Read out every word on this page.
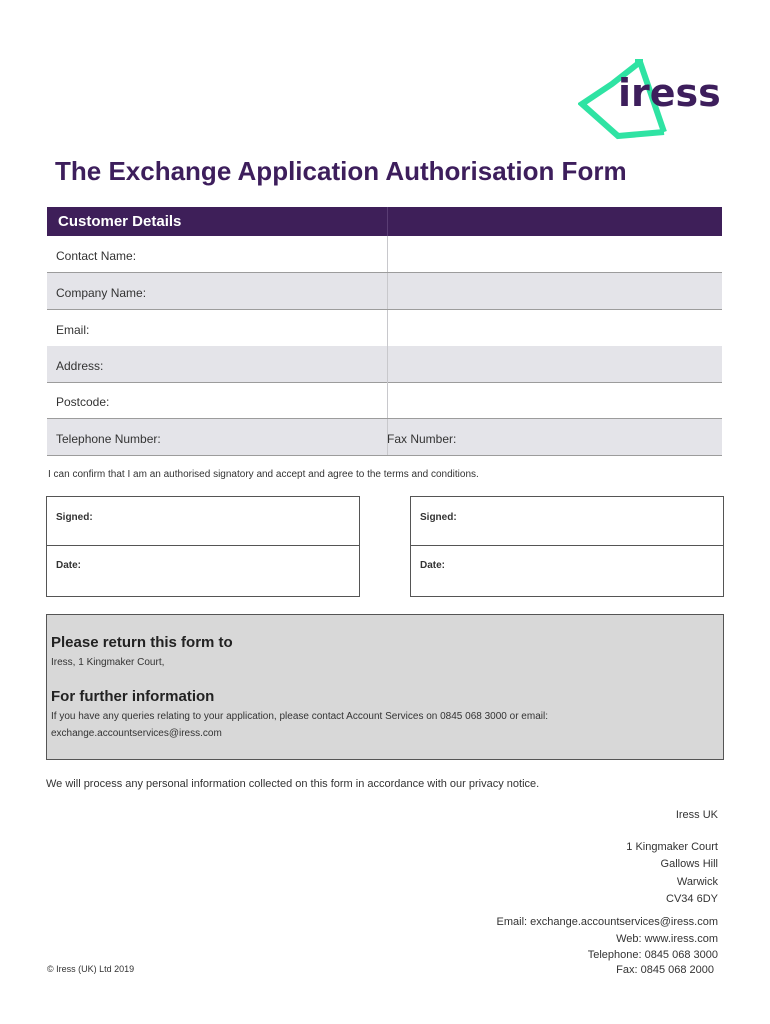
iress
The Exchange Application Authorisation Form
Customer Details
Contact Name:
Company Name:
Email:
Address:
Postcode:
Telephone Number:	Fax Number:
I can confirm that I am an authorised signatory and accept and agree to the terms and conditions.
Signed:
Date:
Signed:
Date:
Please return this form to
Iress, 1 Kingmaker Court,
For further information
If you have any queries relating to your application, please contact Account Services on 0845 068 3000 or email:
exchange.accountservices@iress.com
We will process any personal information collected on this form in accordance with our privacy notice.
Iress UK
1 Kingmaker Court
Gallows Hill
Warwick
CV34 6DY
Email: exchange.accountservices@iress.com
Web: www.iress.com
Telephone: 0845 068 3000
Fax: 0845 068 2000
© Iress (UK) Ltd 2019
